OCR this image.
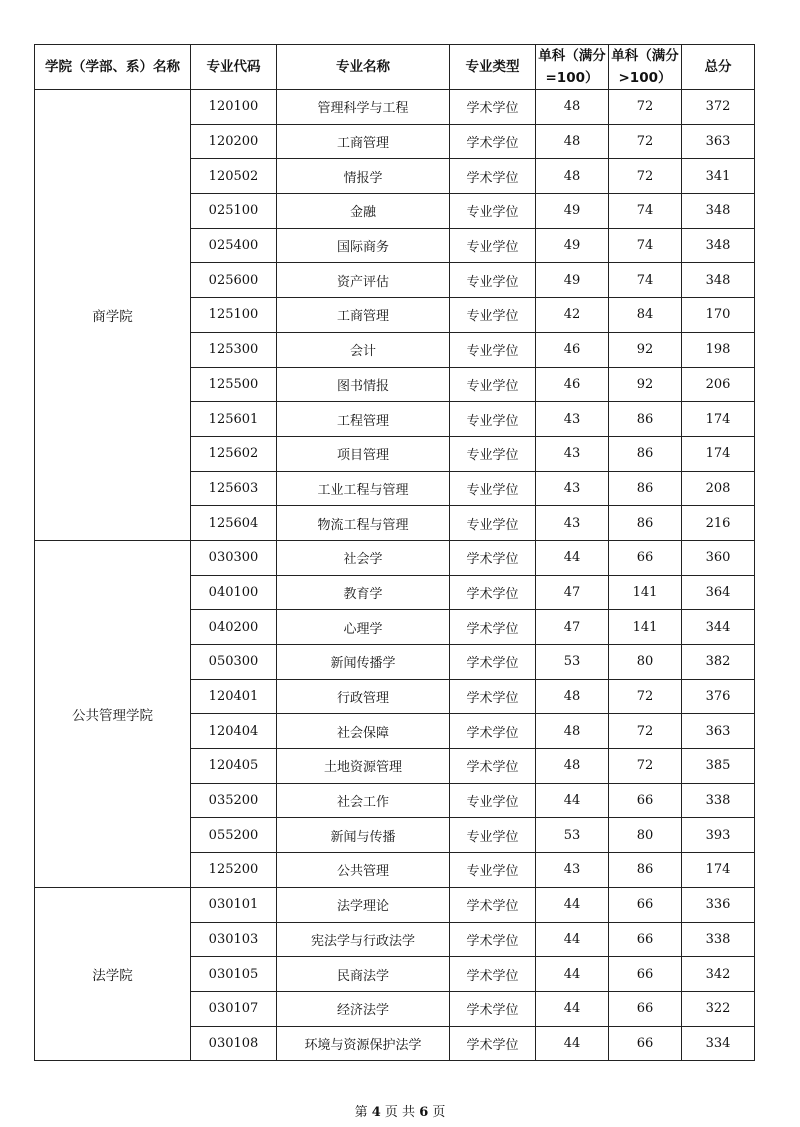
学院（学部、系）名称	专业代码	专业名称	专业类型	单科（满分=100）	单科（满分>100）	总分
商学院	120100	管理科学与工程	学术学位	48	72	372
	120200	工商管理	学术学位	48	72	363
	120502	情报学	学术学位	48	72	341
	025100	金融	专业学位	49	74	348
	025400	国际商务	专业学位	49	74	348
	025600	资产评估	专业学位	49	74	348
	125100	工商管理	专业学位	42	84	170
	125300	会计	专业学位	46	92	198
	125500	图书情报	专业学位	46	92	206
	125601	工程管理	专业学位	43	86	174
	125602	项目管理	专业学位	43	86	174
	125603	工业工程与管理	专业学位	43	86	208
	125604	物流工程与管理	专业学位	43	86	216
公共管理学院	030300	社会学	学术学位	44	66	360
	040100	教育学	学术学位	47	141	364
	040200	心理学	学术学位	47	141	344
	050300	新闻传播学	学术学位	53	80	382
	120401	行政管理	学术学位	48	72	376
	120404	社会保障	学术学位	48	72	363
	120405	土地资源管理	学术学位	48	72	385
	035200	社会工作	专业学位	44	66	338
	055200	新闻与传播	专业学位	53	80	393
	125200	公共管理	专业学位	43	86	174
法学院	030101	法学理论	学术学位	44	66	336
	030103	宪法学与行政法学	学术学位	44	66	338
	030105	民商法学	学术学位	44	66	342
	030107	经济法学	学术学位	44	66	322
	030108	环境与资源保护法学	学术学位	44	66	334
第 4 页 共 6 页
